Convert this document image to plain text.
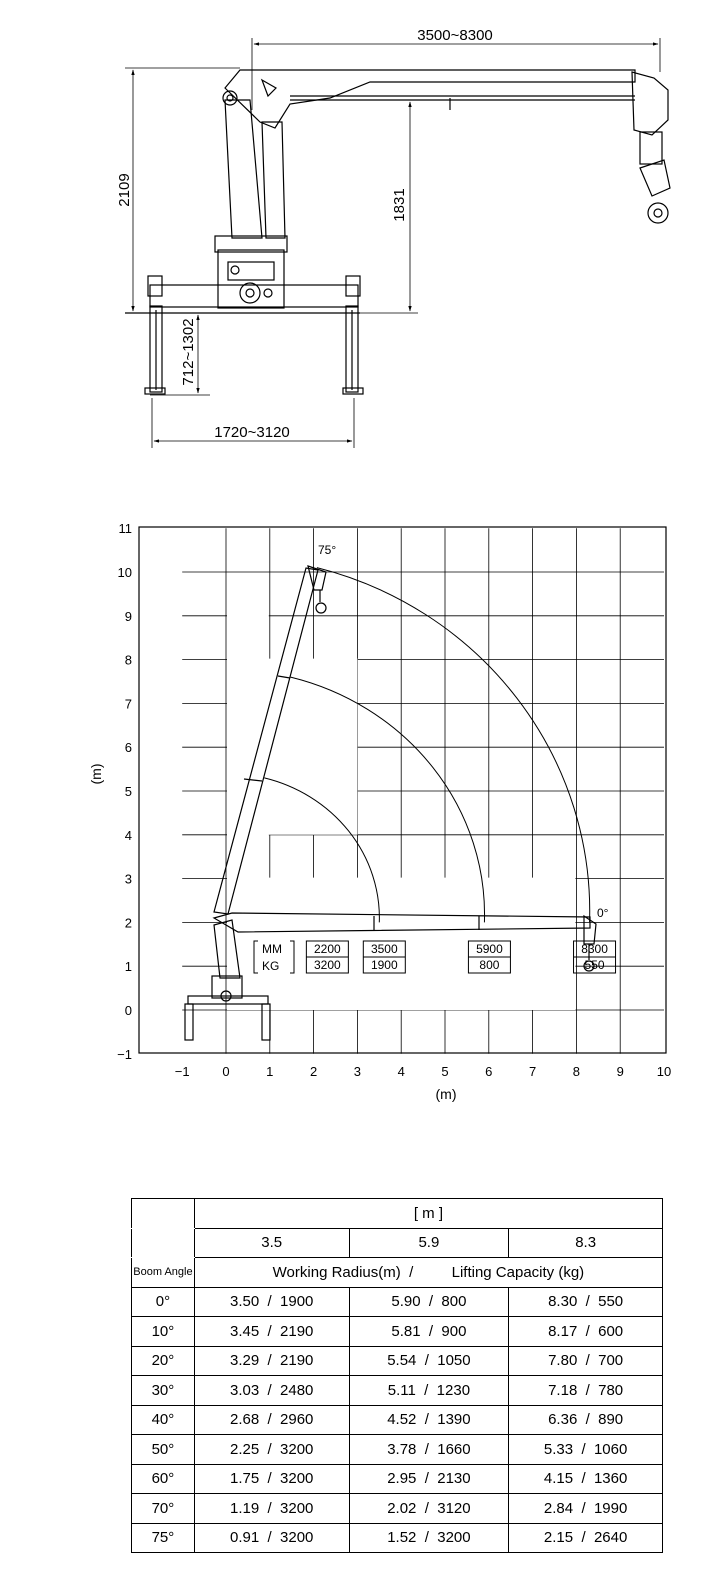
3500~8300
2109	1831
712~1302
1720~3120
−1
0
1
2
3
4
5
6
7
8
9
10
11
−1	0	1	2	3	4	5	6	7	8	9	10
75°
0°
MM
KG
2200
3200
3500
1900
5900
800
8300
550
(m)
(m)
	[ m ]		
	3.5	5.9	8.3
Boom Angle	Working Radius(m)  / Lifting Capacity (kg)		
0°	3.50  /  1900	5.90  /  800	8.30  /  550
10°	3.45  /  2190	5.81  /  900	8.17  /  600
20°	3.29  /  2190	5.54  /  1050	7.80  /  700
30°	3.03  /  2480	5.11  /  1230	7.18  /  780
40°	2.68  /  2960	4.52  /  1390	6.36  /  890
50°	2.25  /  3200	3.78  /  1660	5.33  /  1060
60°	1.75  /  3200	2.95  /  2130	4.15  /  1360
70°	1.19  /  3200	2.02  /  3120	2.84  /  1990
75°	0.91  /  3200	1.52  /  3200	2.15  /  2640
